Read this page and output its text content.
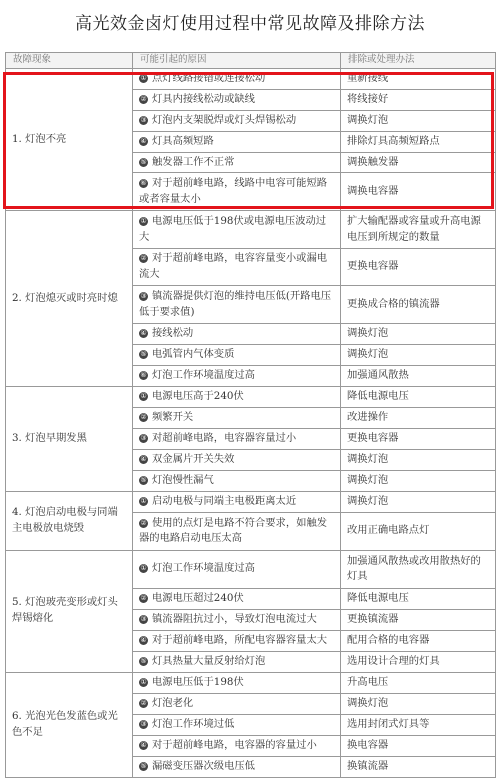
高光效金卤灯使用过程中常见故障及排除方法
故障现象	可能引起的原因	排除或处理办法
1. 灯泡不亮	① 点灯线路接错或连接松动	重新接线
	② 灯具内接线松动或缺线	将线接好
	③ 灯泡内支架脱焊或灯头焊锡松动	调换灯泡
	④ 灯具高频短路	排除灯具高频短路点
	⑤ 触发器工作不正常	调换触发器
	⑥ 对于超前峰电路，线路中电容可能短路或者容量太小	调换电容器
2. 灯泡熄灭或时亮时熄	① 电源电压低于198伏或电源电压波动过大	扩大输配器或容量或升高电源电压到所规定的数量
	② 对于超前峰电路，电容容量变小或漏电流大	更换电容器
	③ 镇流器提供灯泡的维持电压低(开路电压低于要求值)	更换成合格的镇流器
	④ 接线松动	调换灯泡
	⑤ 电弧管内气体变质	调换灯泡
	⑥ 灯泡工作环境温度过高	加强通风散热
3. 灯泡早期发黑	① 电源电压高于240伏	降低电源电压
	② 频繁开关	改进操作
	③ 对超前峰电路，电容器容量过小	更换电容器
	④ 双金属片开关失效	调换灯泡
	⑤ 灯泡慢性漏气	调换灯泡
4. 灯泡启动电极与同端主电极放电烧毁	① 启动电极与同端主电极距离太近	调换灯泡
	② 使用的点灯是电路不符合要求，如触发器的电路启动电压太高	改用正确电路点灯
5. 灯泡玻壳变形或灯头焊锡熔化	① 灯泡工作环境温度过高	加强通风散热或改用散热好的灯具
	② 电源电压超过240伏	降低电源电压
	③ 镇流器阻抗过小，导致灯泡电流过大	更换镇流器
	④ 对于超前峰电路，所配电容器容量太大	配用合格的电容器
	⑤ 灯具热量大量反射给灯泡	选用设计合理的灯具
6. 光泡光色发蓝色或光色不足	① 电源电压低于198伏	升高电压
	② 灯泡老化	调换灯泡
	③ 灯泡工作环境过低	选用封闭式灯具等
	④ 对于超前峰电路，电容器的容量过小	换电容器
	⑤ 漏磁变压器次级电压低	换镇流器
